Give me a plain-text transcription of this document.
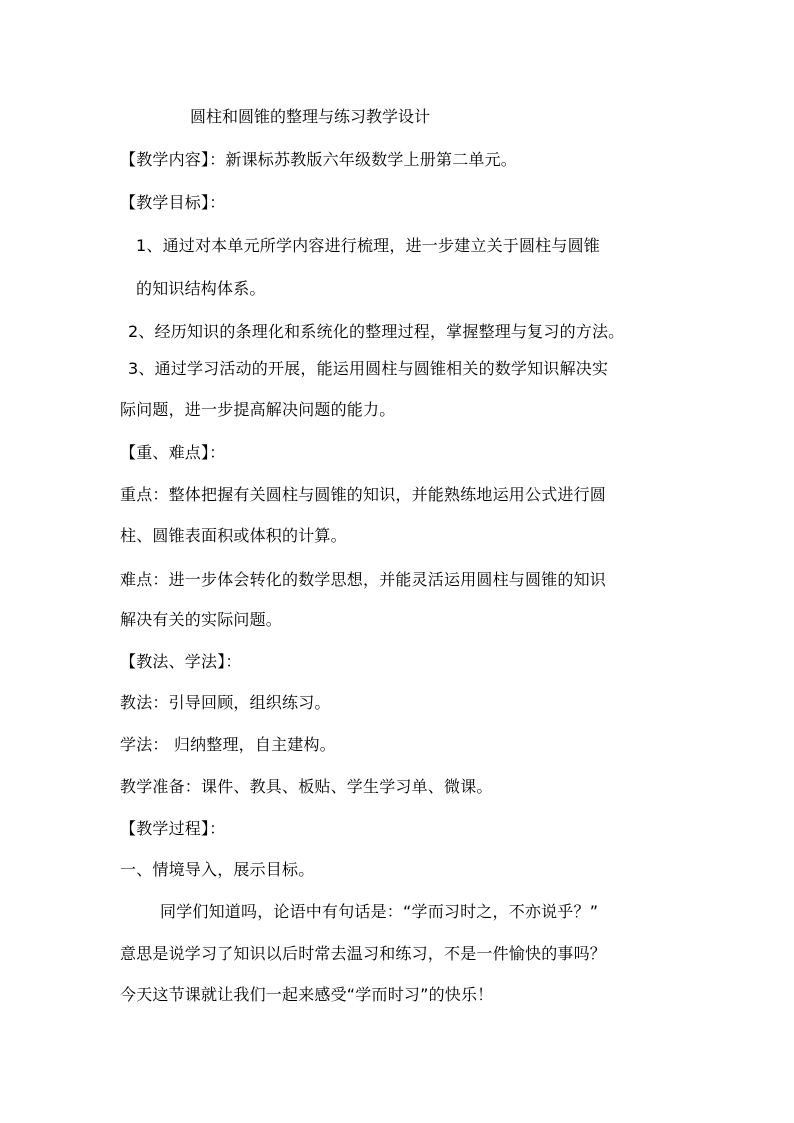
圆柱和圆锥的整理与练习教学设计
【教学内容】：新课标苏教版六年级数学上册第二单元。
【教学目标】：
1、通过对本单元所学内容进行梳理，进一步建立关于圆柱与圆锥
的知识结构体系。
2、经历知识的条理化和系统化的整理过程，掌握整理与复习的方法。
3、通过学习活动的开展，能运用圆柱与圆锥相关的数学知识解决实
际问题，进一步提高解决问题的能力。
【重、难点】：
重点：整体把握有关圆柱与圆锥的知识，并能熟练地运用公式进行圆
柱、圆锥表面积或体积的计算。
难点：进一步体会转化的数学思想，并能灵活运用圆柱与圆锥的知识
解决有关的实际问题。
【教法、学法】：
教法：引导回顾，组织练习。
学法： 归纳整理，自主建构。
教学准备：课件、教具、板贴、学生学习单、微课。
【教学过程】：
一、情境导入，展示目标。
同学们知道吗，论语中有句话是：“学而习时之，不亦说乎？”
意思是说学习了知识以后时常去温习和练习，不是一件愉快的事吗？
今天这节课就让我们一起来感受“学而时习”的快乐！
